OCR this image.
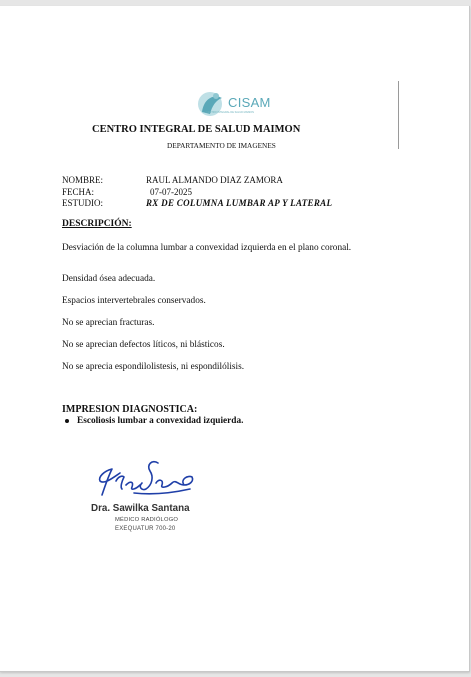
CISAM
CENTRO INTEGRAL DE SALUD MAIMON
CENTRO INTEGRAL DE SALUD MAIMON
DEPARTAMENTO DE IMAGENES
NOMBRE:	RAUL ALMANDO DIAZ ZAMORA
FECHA:	07-07-2025
ESTUDIO:	RX DE COLUMNA LUMBAR AP Y LATERAL
DESCRIPCIÓN:
Desviación de la columna lumbar a convexidad izquierda en el plano coronal.
Densidad ósea adecuada.
Espacios intervertebrales conservados.
No se aprecian fracturas.
No se aprecian defectos líticos, ni blásticos.
No se aprecia espondilolistesis, ni espondilólisis.
IMPRESION DIAGNOSTICA:
Escoliosis lumbar a convexidad izquierda.
Dra. Sawilka Santana
MÉDICO RADIÓLOGO
EXEQUATUR 700-20
